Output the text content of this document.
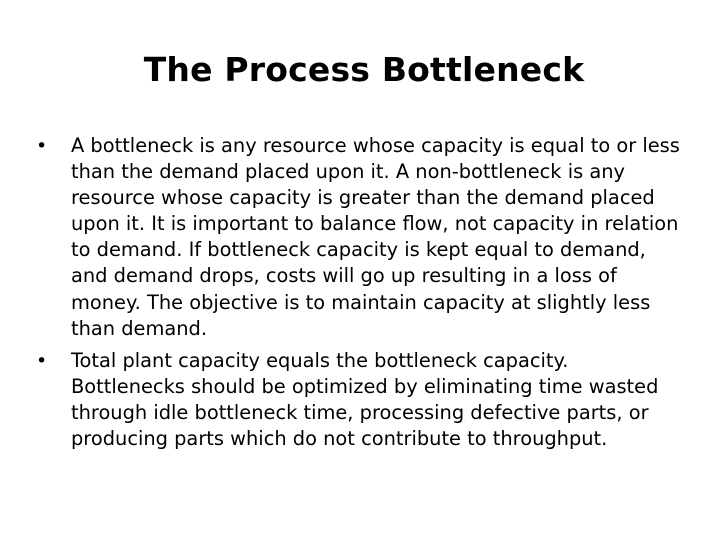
The Process Bottleneck
• A bottleneck is any resource whose capacity is equal to or less than the demand placed upon it. A non-bottleneck is any resource whose capacity is greater than the demand placed upon it. It is important to balance flow, not capacity in relation to demand. If bottleneck capacity is kept equal to demand, and demand drops, costs will go up resulting in a loss of money. The objective is to maintain capacity at slightly less than demand.
• Total plant capacity equals the bottleneck capacity. Bottlenecks should be optimized by eliminating time wasted through idle bottleneck time, processing defective parts, or producing parts which do not contribute to throughput.
